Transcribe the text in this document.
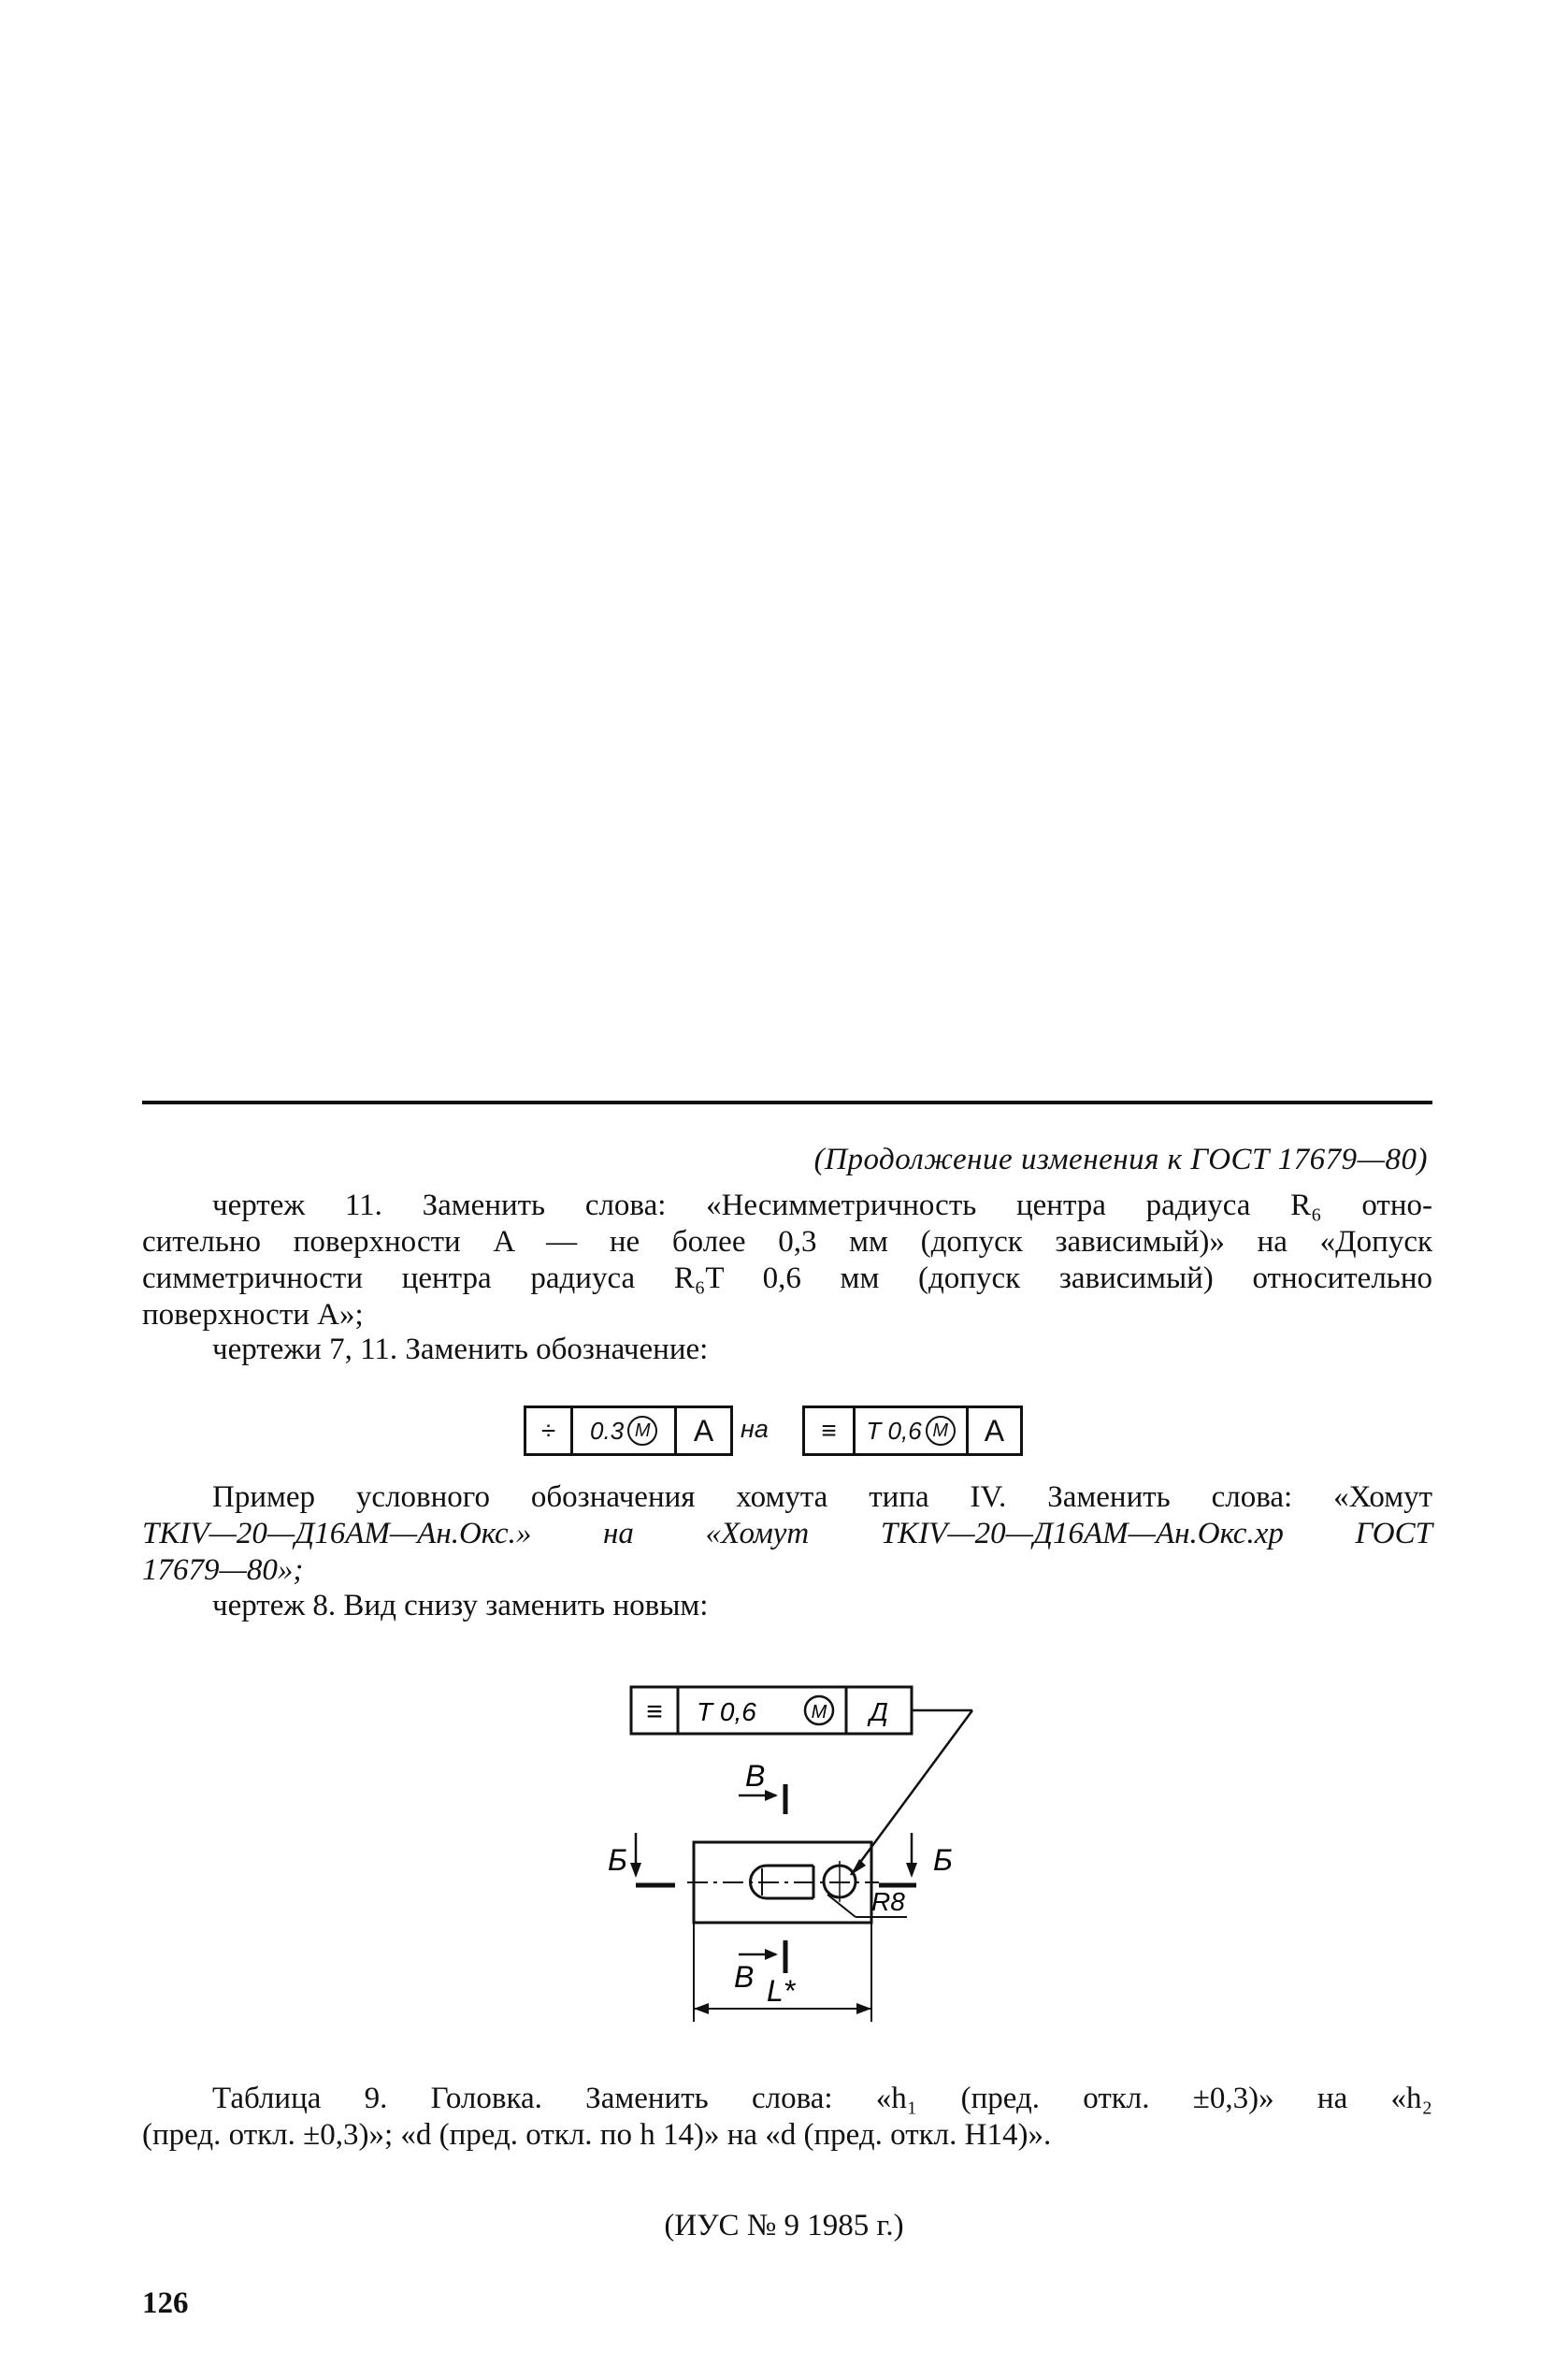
(Продолжение изменения к ГОСТ 17679—80)
чертеж 11. Заменить слова: «Несимметричность центра радиуса R₆ отно-
сительно поверхности A — не более 0,3 мм (допуск зависимый)» на «Допуск
симметричности центра радиуса R₆T 0,6 мм (допуск зависимый) относительно
поверхности A»;
чертежи 7, 11. Заменить обозначение:
÷	0.3 M	A	на	≡	T 0,6 M	A
Пример условного обозначения хомута типа IV. Заменить слова: «Хомут
TKIV—20—Д16АМ—Ан.Окс.» на «Хомут TKIV—20—Д16АМ—Ан.Окс.хр ГОСТ
17679—80»;
чертеж 8. Вид снизу заменить новым:
≡ T 0,6	M Д
В
В
Б	Б
R8
L*
Таблица 9. Головка. Заменить слова: «h₁ (пред. откл. ±0,3)» на «h₂
(пред. откл. ±0,3)»; «d (пред. откл. по h 14)» на «d (пред. откл. H14)».
(ИУС № 9 1985 г.)
126
